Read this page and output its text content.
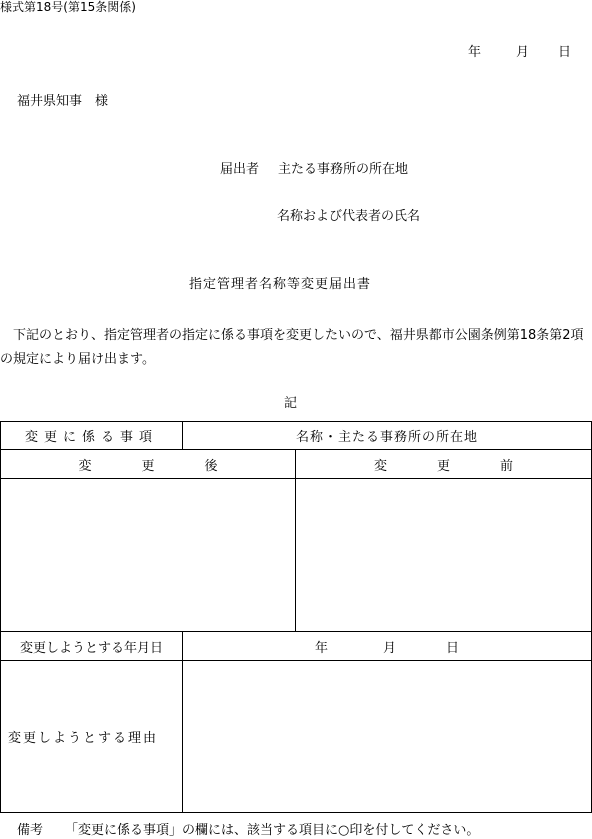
様式第18号(第15条関係)
年	月 日
福井県知事　様
届出者 主たる事務所の所在地
名称および代表者の氏名
指定管理者名称等変更届出書
　下記のとおり、指定管理者の指定に係る事項を変更したいので、福井県都市公園条例第18条第2項の規定により届け出ます。
記
変更に係る事項	名称・主たる事務所の所在地	
変 更 後		変 更 前

変更しようとする年月日	年 月 日	
変更しようとする理由		
備考 「変更に係る事項」の欄には、該当する項目に○印を付してください。
